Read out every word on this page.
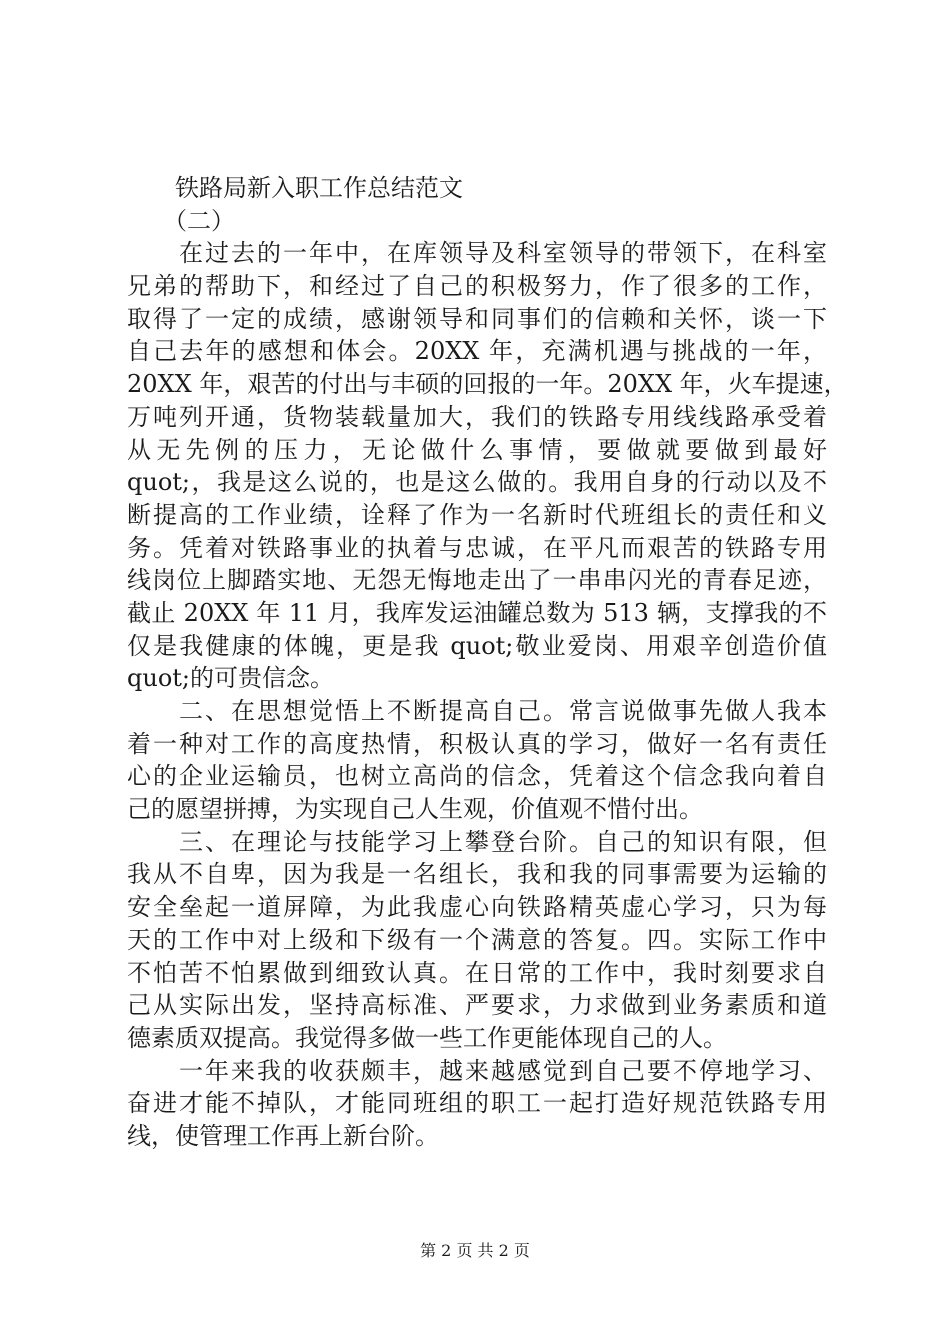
铁路局新入职工作总结范文
（二）
　　在过去的一年中，在库领导及科室领导的带领下，在科室
兄弟的帮助下，和经过了自己的积极努力，作了很多的工作，
取得了一定的成绩，感谢领导和同事们的信赖和关怀，谈一下
自己去年的感想和体会。20XX 年，充满机遇与挑战的一年，
20XX 年，艰苦的付出与丰硕的回报的一年。20XX 年，火车提速，
万吨列开通，货物装载量加大，我们的铁路专用线线路承受着
从无先例的压力，无论做什么事情，要做就要做到最好
quot;，我是这么说的，也是这么做的。我用自身的行动以及不
断提高的工作业绩，诠释了作为一名新时代班组长的责任和义
务。凭着对铁路事业的执着与忠诚，在平凡而艰苦的铁路专用
线岗位上脚踏实地、无怨无悔地走出了一串串闪光的青春足迹，
截止 20XX 年 11 月，我库发运油罐总数为 513 辆，支撑我的不
仅是我健康的体魄，更是我 quot;敬业爱岗、用艰辛创造价值
quot;的可贵信念。
　　二、在思想觉悟上不断提高自己。常言说做事先做人我本
着一种对工作的高度热情，积极认真的学习，做好一名有责任
心的企业运输员，也树立高尚的信念，凭着这个信念我向着自
己的愿望拼搏，为实现自己人生观，价值观不惜付出。
　　三、在理论与技能学习上攀登台阶。自己的知识有限，但
我从不自卑，因为我是一名组长，我和我的同事需要为运输的
安全垒起一道屏障，为此我虚心向铁路精英虚心学习，只为每
天的工作中对上级和下级有一个满意的答复。四。实际工作中
不怕苦不怕累做到细致认真。在日常的工作中，我时刻要求自
己从实际出发，坚持高标准、严要求，力求做到业务素质和道
德素质双提高。我觉得多做一些工作更能体现自己的人。
　　一年来我的收获颇丰，越来越感觉到自己要不停地学习、
奋进才能不掉队，才能同班组的职工一起打造好规范铁路专用
线，使管理工作再上新台阶。
第 2 页 共 2 页
